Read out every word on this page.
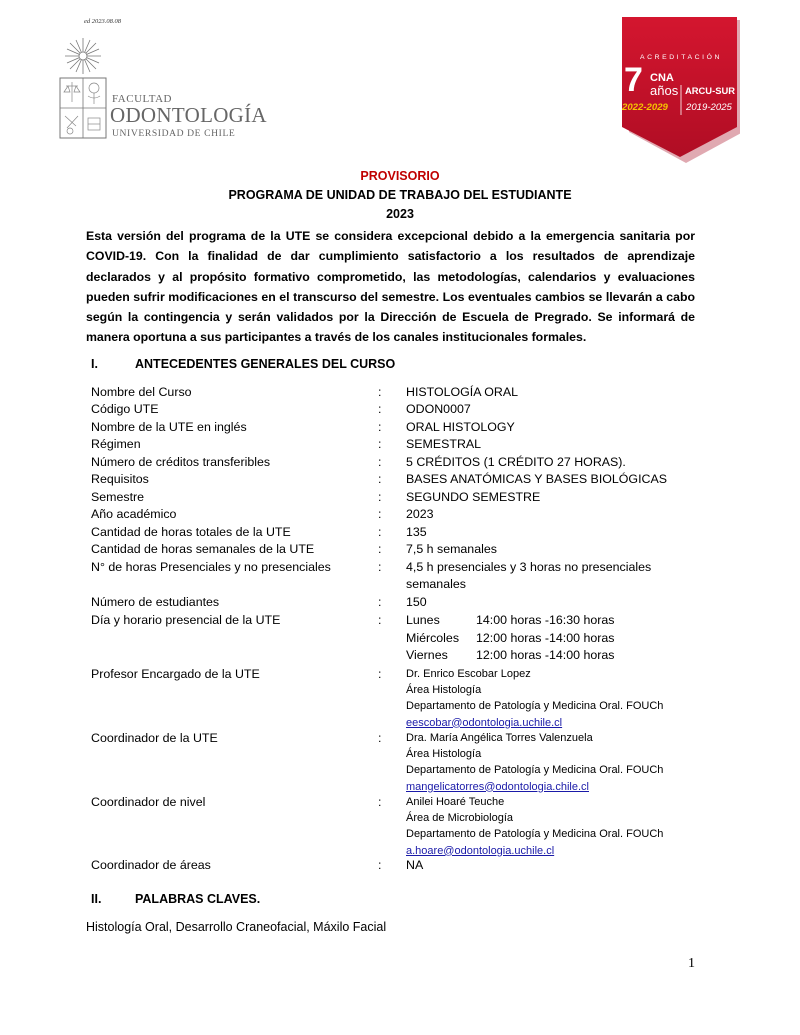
ed 2023.08.08
FACULTAD
ODONTOLOGÍA
UNIVERSIDAD DE CHILE
ACREDITACIÓN
7 CNA
años ARCU-SUR
2022-2029 2019-2025
PROVISORIO
PROGRAMA DE UNIDAD DE TRABAJO DEL ESTUDIANTE
2023
Esta versión del programa de la UTE se considera excepcional debido a la emergencia sanitaria por COVID-19. Con la finalidad de dar cumplimiento satisfactorio a los resultados de aprendizaje declarados y al propósito formativo comprometido, las metodologías, calendarios y evaluaciones pueden sufrir modificaciones en el transcurso del semestre. Los eventuales cambios se llevarán a cabo según la contingencia y serán validados por la Dirección de Escuela de Pregrado. Se informará de manera oportuna a sus participantes a través de los canales institucionales formales.
I.	ANTECEDENTES GENERALES DEL CURSO
Nombre del Curso	: HISTOLOGÍA ORAL
Código UTE	: ODON0007
Nombre de la UTE en inglés	: ORAL HISTOLOGY
Régimen	: SEMESTRAL
Número de créditos transferibles	: 5 CRÉDITOS (1 CRÉDITO 27 HORAS).
Requisitos	: BASES ANATÓMICAS Y BASES BIOLÓGICAS
Semestre	: SEGUNDO SEMESTRE
Año académico	: 2023
Cantidad de horas totales de la UTE	: 135
Cantidad de horas semanales de la UTE	: 7,5 h semanales
N° de horas Presenciales y no presenciales	: 4,5 h presenciales y 3 horas no presenciales semanales
Número de estudiantes	: 150
Día y horario presencial de la UTE	: Lunes	14:00 horas -16:30 horas
Miércoles 12:00 horas -14:00 horas
Viernes 12:00 horas -14:00 horas
Profesor Encargado de la UTE	: Dr. Enrico Escobar Lopez
Área Histología
Departamento de Patología y Medicina Oral. FOUCh
eescobar@odontologia.uchile.cl
Coordinador de la UTE	: Dra. María Angélica Torres Valenzuela
Área Histología
Departamento de Patología y Medicina Oral. FOUCh
mangelicatorres@odontologia.chile.cl
Coordinador de nivel	: Anilei Hoaré Teuche
Área de Microbiología
Departamento de Patología y Medicina Oral. FOUCh
a.hoare@odontologia.uchile.cl
Coordinador de áreas	: NA
II.	PALABRAS CLAVES.
Histología Oral, Desarrollo Craneofacial, Máxilo Facial
1
